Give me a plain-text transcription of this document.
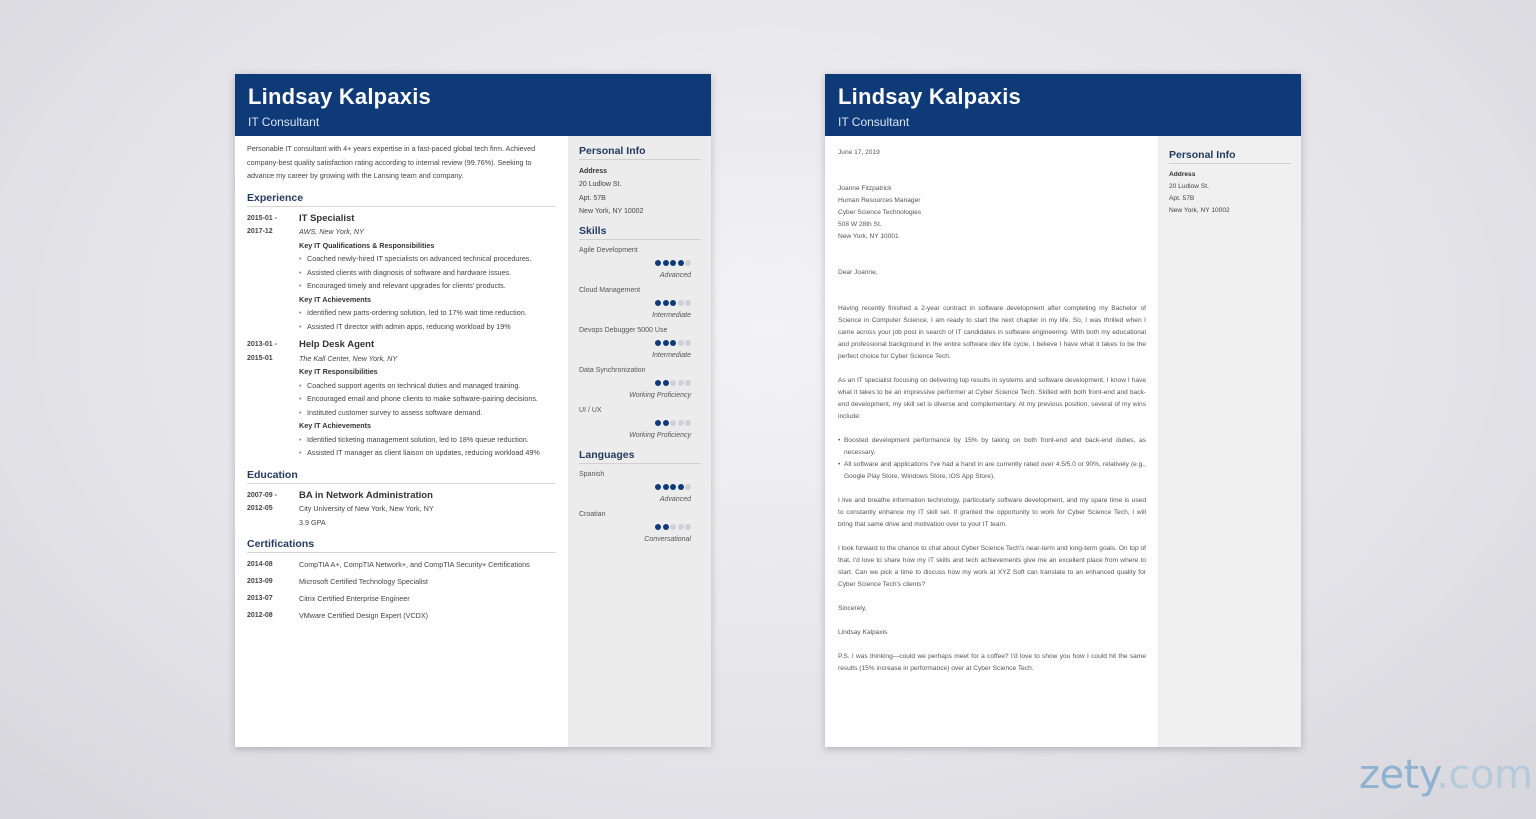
Lindsay Kalpaxis
IT Consultant
Personable IT consultant with 4+ years expertise in a fast-paced global tech firm. Achieved company-best quality satisfaction rating according to internal review (99.76%). Seeking to advance my career by growing with the Lansing team and company.
Experience
2015-01 -
2017-12
IT Specialist
AWS, New York, NY
Key IT Qualifications & Responsibilities
• Coached newly-hired IT specialists on advanced technical procedures.
• Assisted clients with diagnosis of software and hardware issues.
• Encouraged timely and relevant upgrades for clients' products.
Key IT Achievements
• Identified new parts-ordering solution, led to 17% wait time reduction.
• Assisted IT director with admin apps, reducing workload by 19%
2013-01 -
2015-01
Help Desk Agent
The Kall Center, New York, NY
Key IT Responsibilities
• Coached support agents on technical duties and managed training.
• Encouraged email and phone clients to make software-pairing decisions.
• Instituted customer survey to assess software demand.
Key IT Achievements
• Identified ticketing management solution, led to 18% queue reduction.
• Assisted IT manager as client liaison on updates, reducing workload 49%
Education
2007-09 -
2012-05
BA in Network Administration
City University of New York, New York, NY
3.9 GPA
Certifications
2014-08	CompTIA A+, CompTIA Network+, and CompTIA Security+ Certifications
2013-09	Microsoft Certified Technology Specialist
2013-07	Citrix Certified Enterprise Engineer
2012-08	VMware Certified Design Expert (VCDX)
Personal Info
Address
20 Ludlow St.
Apt. 57B
New York, NY 10002
Skills
Agile Development
Advanced
Cloud Management
Intermediate
Devops Debugger 5000 Use
Intermediate
Data Synchronization
Working Proficiency
UI / UX
Working Proficiency
Languages
Spanish
Advanced
Croatian
Conversational
Lindsay Kalpaxis
IT Consultant

June 17, 2019

Joanne Fitzpatrick
Human Resources Manager
Cyber Science Technologies
508 W 28th St.
New York, NY 10001

Dear Joanne,

Having recently finished a 2-year contract in software development after completing my Bachelor of Science in Computer Science, I am ready to start the next chapter in my life. So, I was thrilled when I came across your job post in search of IT candidates in software engineering. With both my educational and professional background in the entire software dev life cycle, I believe I have what it takes to be the perfect choice for Cyber Science Tech.

As an IT specialist focusing on delivering top results in systems and software development, I know I have what it takes to be an impressive performer at Cyber Science Tech. Skilled with both front-end and back-end development, my skill set is diverse and complementary. At my previous position, several of my wins include:

• Boosted development performance by 15% by taking on both front-end and back-end duties, as necessary.
• All software and applications I've had a hand in are currently rated over 4.5/5.0 or 90%, relatively (e.g., Google Play Store, Windows Store, iOS App Store).

I live and breathe information technology, particularly software development, and my spare time is used to constantly enhance my IT skill set. If granted the opportunity to work for Cyber Science Tech, I will bring that same drive and motivation over to your IT team.

I look forward to the chance to chat about Cyber Science Tech's near-term and long-term goals. On top of that, I'd love to share how my IT skills and tech achievements give me an excellent place from where to start. Can we pick a time to discuss how my work at XYZ Soft can translate to an enhanced quality for Cyber Science Tech's clients?

Sincerely,

Lindsay Kalpaxis

P.S. I was thinking—could we perhaps meet for a coffee? I'd love to show you how I could hit the same results (15% increase in performance) over at Cyber Science Tech.

Personal Info
Address
20 Ludlow St.
Apt. 57B
New York, NY 10002
zety.com
